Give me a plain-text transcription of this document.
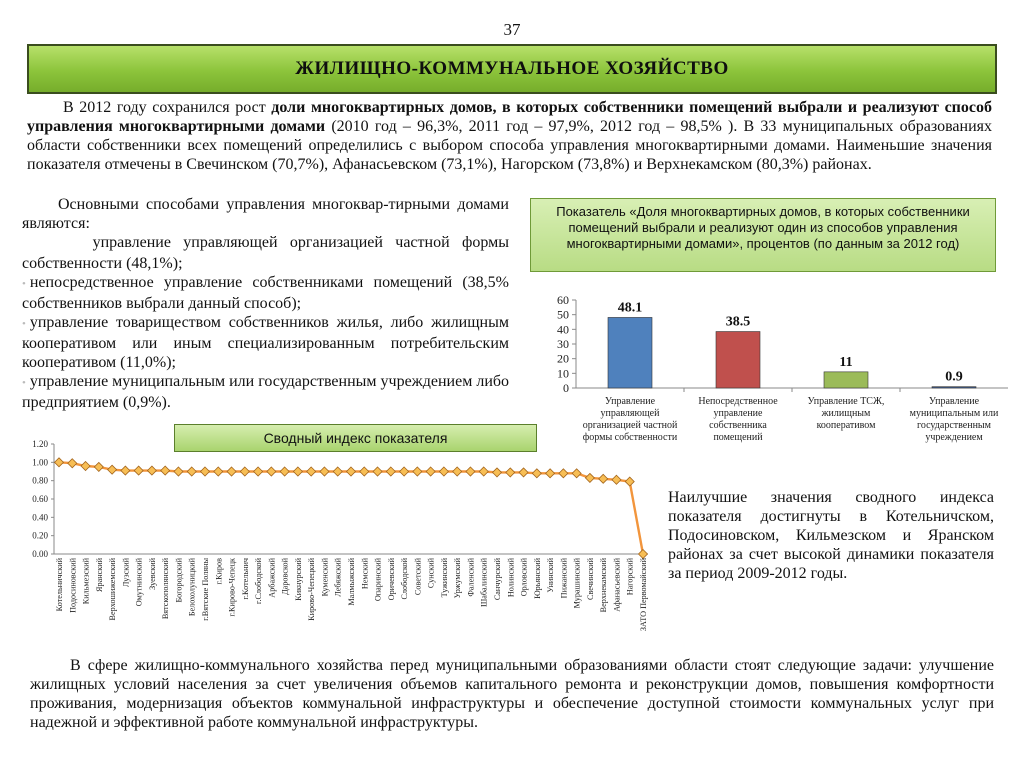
37
ЖИЛИЩНО-КОММУНАЛЬНОЕ ХОЗЯЙСТВО

В 2012 году сохранился рост доли многоквартирных домов, в которых собственники помещений выбрали и реализуют способ управления многоквартирными домами (2010 год – 96,3%, 2011 год – 97,9%, 2012 год – 98,5% ). В 33 муниципальных образованиях области собственники всех помещений определились с выбором способа управления многоквартирными домами. Наименьшие значения показателя отмечены в Свечинском (70,7%), Афанасьевском (73,1%), Нагорском (73,8%) и Верхнекамском (80,3%) районах.

Основными способами управления многоквар-тирными домами являются:
управление управляющей организацией частной формы собственности (48,1%);
• непосредственное управление собственниками помещений (38,5% собственников выбрали данный способ);
• управление товариществом собственников жилья, либо жилищным кооперативом или иным специализированным потребительским кооперативом (11,0%);
• управление муниципальным или государственным учреждением либо предприятием (0,9%).
Показатель «Доля многоквартирных домов, в которых собственники помещений выбрали и реализуют один из способов управления многоквартирными домами», процентов (по данным за 2012 год)
0
10
20
30
40
50
60
48.1
38.5
11
0.9
Управление управляющей организацией частной формы собственности
Непосредственное управление собственника помещений
Управление ТСЖ, жилищным кооперативом
Управление муниципальным или государственным учреждением
Сводный индекс показателя
0.00
0.20
0.40
0.60
0.80
1.00
1.20
Котельничский Подосиновский Кильмезский Яранский Верхошижемский Лузский Омутнинский Зуевский Вятскополянский Богородский Белохолуницкий г.Вятские Поляны г.Киров г.Кирово-Чепецк г.Котельнич г.Слободской Арбажский Даровской Кикнурский Кирово-Чепецкий Куменский Лебяжский Малмыжский Немский Опаринский Оричевский Слободской Советский Сунский Тужинский Уржумский Фаленский Шабалинский Санчурский Нолинский Орловский Юрьянский Унинский Пижанский Мурашинский Свечинский Верхнекамский Афанасьевский Нагорский ЗАТО Первомайский

Наилучшие значения сводного индекса показателя достигнуты в Котельничском, Подосиновском, Кильмезском и Яранском районах за счет высокой динамики показателя за период 2009-2012 годы.

В сфере жилищно-коммунального хозяйства перед муниципальными образованиями области стоят следующие задачи: улучшение жилищных условий населения за счет увеличения объемов капитального ремонта и реконструкции домов, повышения комфортности проживания, модернизация объектов коммунальной инфраструктуры и обеспечение доступной стоимости коммунальных услуг при надежной и эффективной работе коммунальной инфраструктуры.
